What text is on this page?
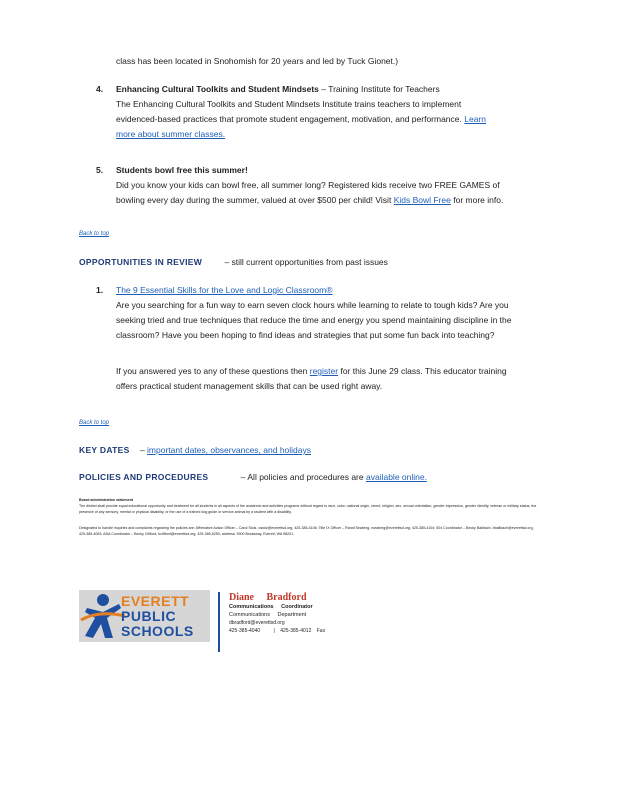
class has been located in Snohomish for 20 years and led by Tuck Gionet.)
4. Enhancing Cultural Toolkits and Student Mindsets – Training Institute for Teachers
The Enhancing Cultural Toolkits and Student Mindsets Institute trains teachers to implement evidenced-based practices that promote student engagement, motivation, and performance. Learn more about summer classes.
5. Students bowl free this summer!
Did you know your kids can bowl free, all summer long? Registered kids receive two FREE GAMES of bowling every day during the summer, valued at over $500 per child! Visit Kids Bowl Free for more info.
Back to top
OPPORTUNITIES IN REVIEW	– still current opportunities from past issues
1. The 9 Essential Skills for the Love and Logic Classroom®
Are you searching for a fun way to earn seven clock hours while learning to relate to tough kids? Are you seeking tried and true techniques that reduce the time and energy you spend maintaining discipline in the classroom? Have you been hoping to find ideas and strategies that put some fun back into teaching?
If you answered yes to any of these questions then register for this June 29 class. This educator training offers practical student management skills that can be used right away.
Back to top
KEY DATES – important dates, observances, and holidays
POLICIES AND PROCEDURES	– All policies and procedures are available online.
Board administration statement
The district shall provide equal educational opportunity and treatment for all students in all aspects of the academic and activities programs without regard to race, color, national origin, creed, religion, sex, sexual orientation, gender expression, gender identity, veteran or military status, the presence of any sensory, mental or physical disability, or the use of a trained dog guide or service animal by a student with a disability.
Designated to handle inquiries and complaints regarding the policies are: Affirmative Action Officer – Carol Stolz, cstolz@everettsd.org, 425-385-4106; Title IX Officer – Randi Seaberg, rseaberg@everettsd.org, 425-385-4104; 504 Coordinator – Becky Ballbach, bballbach@everettsd.org, 425-385-4063; ADA Coordinator – Becky Clifford, bclifford@everettsd.org, 425-385-5250; address: 3900 Broadway, Everett, WA 98201.
EVERETT
PUBLIC
SCHOOLS
Diane Bradford
Communications Coordinator
Communications Department
dbradford@everettsd.org
425-385-4040	| 425-385-4012 Fax
